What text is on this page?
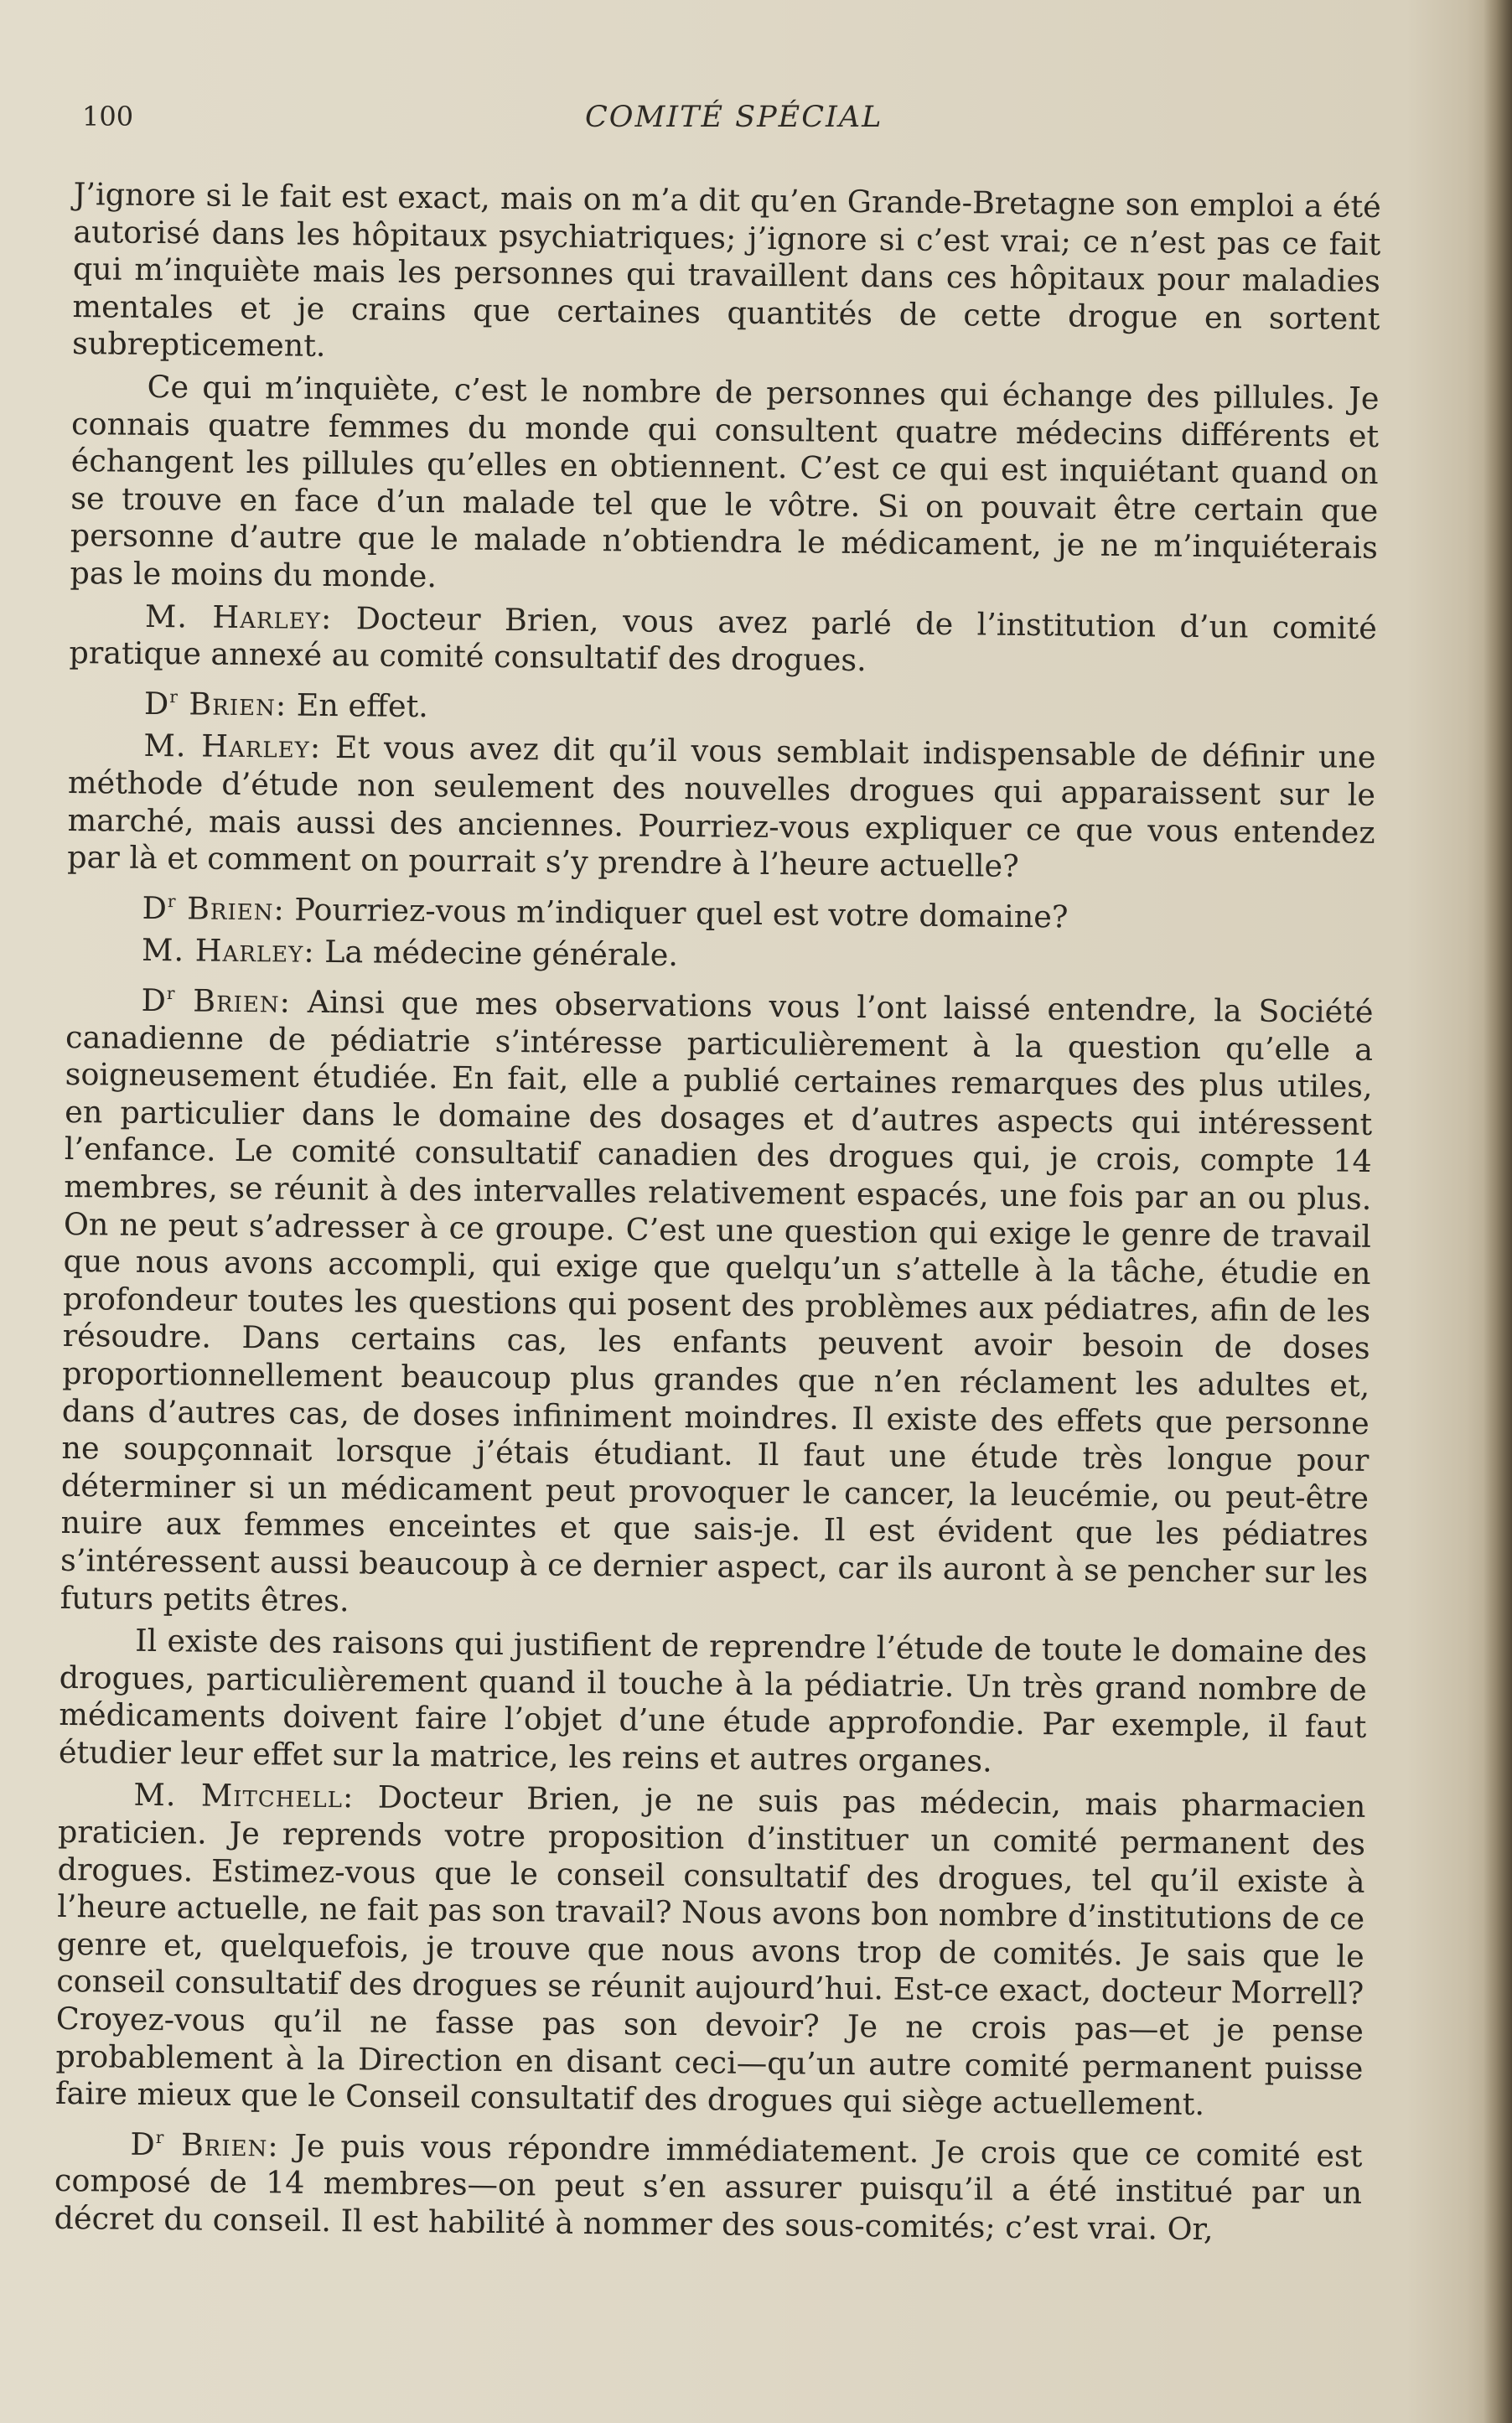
100	COMITÉ SPÉCIAL

J’ignore si le fait est exact, mais on m’a dit qu’en Grande-Bretagne son emploi a été autorisé dans les hôpitaux psychiatriques; j’ignore si c’est vrai; ce n’est pas ce fait qui m’inquiète mais les personnes qui travaillent dans ces hôpitaux pour maladies mentales et je crains que certaines quantités de cette drogue en sortent subrepticement.

Ce qui m’inquiète, c’est le nombre de personnes qui échange des pillules. Je connais quatre femmes du monde qui consultent quatre médecins différents et échangent les pillules qu’elles en obtiennent. C’est ce qui est inquiétant quand on se trouve en face d’un malade tel que le vôtre. Si on pouvait être certain que personne d’autre que le malade n’obtiendra le médicament, je ne m’inquiéterais pas le moins du monde.

M. Harley: Docteur Brien, vous avez parlé de l’institution d’un comité pratique annexé au comité consultatif des drogues.

$D^r$ Brien: En effet.

M. Harley: Et vous avez dit qu’il vous semblait indispensable de définir une méthode d’étude non seulement des nouvelles drogues qui apparaissent sur le marché, mais aussi des anciennes. Pourriez-vous expliquer ce que vous entendez par là et comment on pourrait s’y prendre à l’heure actuelle?

$D^r$ Brien: Pourriez-vous m’indiquer quel est votre domaine?

M. Harley: La médecine générale.

$D^r$ Brien: Ainsi que mes observations vous l’ont laissé entendre, la Société canadienne de pédiatrie s’intéresse particulièrement à la question qu’elle a soigneusement étudiée. En fait, elle a publié certaines remarques des plus utiles, en particulier dans le domaine des dosages et d’autres aspects qui intéressent l’enfance. Le comité consultatif canadien des drogues qui, je crois, compte 14 membres, se réunit à des intervalles relativement espacés, une fois par an ou plus. On ne peut s’adresser à ce groupe. C’est une question qui exige le genre de travail que nous avons accompli, qui exige que quelqu’un s’attelle à la tâche, étudie en profondeur toutes les questions qui posent des problèmes aux pédiatres, afin de les résoudre. Dans certains cas, les enfants peuvent avoir besoin de doses proportionnellement beaucoup plus grandes que n’en réclament les adultes et, dans d’autres cas, de doses infiniment moindres. Il existe des effets que personne ne soupçonnait lorsque j’étais étudiant. Il faut une étude très longue pour déterminer si un médicament peut provoquer le cancer, la leucémie, ou peut-être nuire aux femmes enceintes et que sais-je. Il est évident que les pédiatres s’intéressent aussi beaucoup à ce dernier aspect, car ils auront à se pencher sur les futurs petits êtres.

Il existe des raisons qui justifient de reprendre l’étude de toute le domaine des drogues, particulièrement quand il touche à la pédiatrie. Un très grand nombre de médicaments doivent faire l’objet d’une étude approfondie. Par exemple, il faut étudier leur effet sur la matrice, les reins et autres organes.

M. Mitchell: Docteur Brien, je ne suis pas médecin, mais pharmacien praticien. Je reprends votre proposition d’instituer un comité permanent des drogues. Estimez-vous que le conseil consultatif des drogues, tel qu’il existe à l’heure actuelle, ne fait pas son travail? Nous avons bon nombre d’institutions de ce genre et, quelquefois, je trouve que nous avons trop de comités. Je sais que le conseil consultatif des drogues se réunit aujourd’hui. Est-ce exact, docteur Morrell? Croyez-vous qu’il ne fasse pas son devoir? Je ne crois pas—et je pense probablement à la Direction en disant ceci—qu’un autre comité permanent puisse faire mieux que le Conseil consultatif des drogues qui siège actuellement.

$D^r$ Brien: Je puis vous répondre immédiatement. Je crois que ce comité est composé de 14 membres—on peut s’en assurer puisqu’il a été institué par un décret du conseil. Il est habilité à nommer des sous-comités; c’est vrai. Or,
